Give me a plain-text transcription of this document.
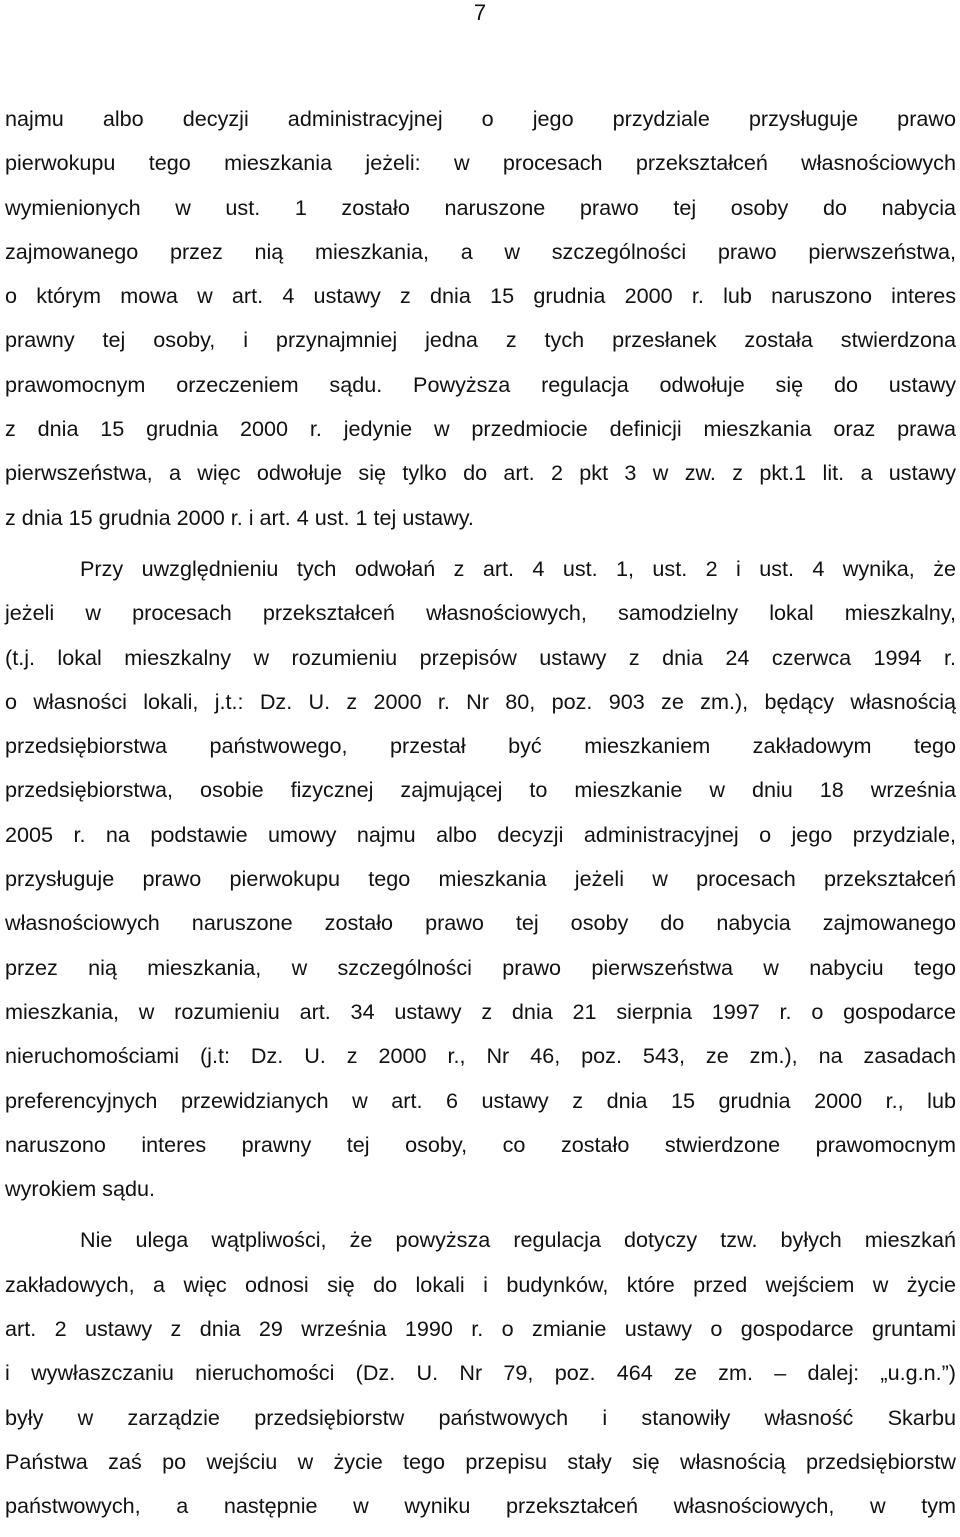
7
najmu albo decyzji administracyjnej o jego przydziale przysługuje prawo
pierwokupu tego mieszkania jeżeli: w procesach przekształceń własnościowych
wymienionych w ust. 1 zostało naruszone prawo tej osoby do nabycia
zajmowanego przez nią mieszkania, a w szczególności prawo pierwszeństwa,
o którym mowa w art. 4 ustawy z dnia 15 grudnia 2000 r. lub naruszono interes
prawny tej osoby, i przynajmniej jedna z tych przesłanek została stwierdzona
prawomocnym orzeczeniem sądu. Powyższa regulacja odwołuje się do ustawy
z dnia 15 grudnia 2000 r. jedynie w przedmiocie definicji mieszkania oraz prawa
pierwszeństwa, a więc odwołuje się tylko do art. 2 pkt 3 w zw. z pkt.1 lit. a ustawy
z dnia 15 grudnia 2000 r. i art. 4 ust. 1 tej ustawy.
Przy uwzględnieniu tych odwołań z art. 4 ust. 1, ust. 2 i ust. 4 wynika, że
jeżeli w procesach przekształceń własnościowych, samodzielny lokal mieszkalny,
(t.j. lokal mieszkalny w rozumieniu przepisów ustawy z dnia 24 czerwca 1994 r.
o własności lokali, j.t.: Dz. U. z 2000 r. Nr 80, poz. 903 ze zm.), będący własnością
przedsiębiorstwa państwowego, przestał być mieszkaniem zakładowym tego
przedsiębiorstwa, osobie fizycznej zajmującej to mieszkanie w dniu 18 września
2005 r. na podstawie umowy najmu albo decyzji administracyjnej o jego przydziale,
przysługuje prawo pierwokupu tego mieszkania jeżeli w procesach przekształceń
własnościowych naruszone zostało prawo tej osoby do nabycia zajmowanego
przez nią mieszkania, w szczególności prawo pierwszeństwa w nabyciu tego
mieszkania, w rozumieniu art. 34 ustawy z dnia 21 sierpnia 1997 r. o gospodarce
nieruchomościami (j.t: Dz. U. z 2000 r., Nr 46, poz. 543, ze zm.), na zasadach
preferencyjnych przewidzianych w art. 6 ustawy z dnia 15 grudnia 2000 r., lub
naruszono interes prawny tej osoby, co zostało stwierdzone prawomocnym
wyrokiem sądu.
Nie ulega wątpliwości, że powyższa regulacja dotyczy tzw. byłych mieszkań
zakładowych, a więc odnosi się do lokali i budynków, które przed wejściem w życie
art. 2 ustawy z dnia 29 września 1990 r. o zmianie ustawy o gospodarce gruntami
i wywłaszczaniu nieruchomości (Dz. U. Nr 79, poz. 464 ze zm. – dalej: „u.g.n.”)
były w zarządzie przedsiębiorstw państwowych i stanowiły własność Skarbu
Państwa zaś po wejściu w życie tego przepisu stały się własnością przedsiębiorstw
państwowych, a następnie w wyniku przekształceń własnościowych, w tym
